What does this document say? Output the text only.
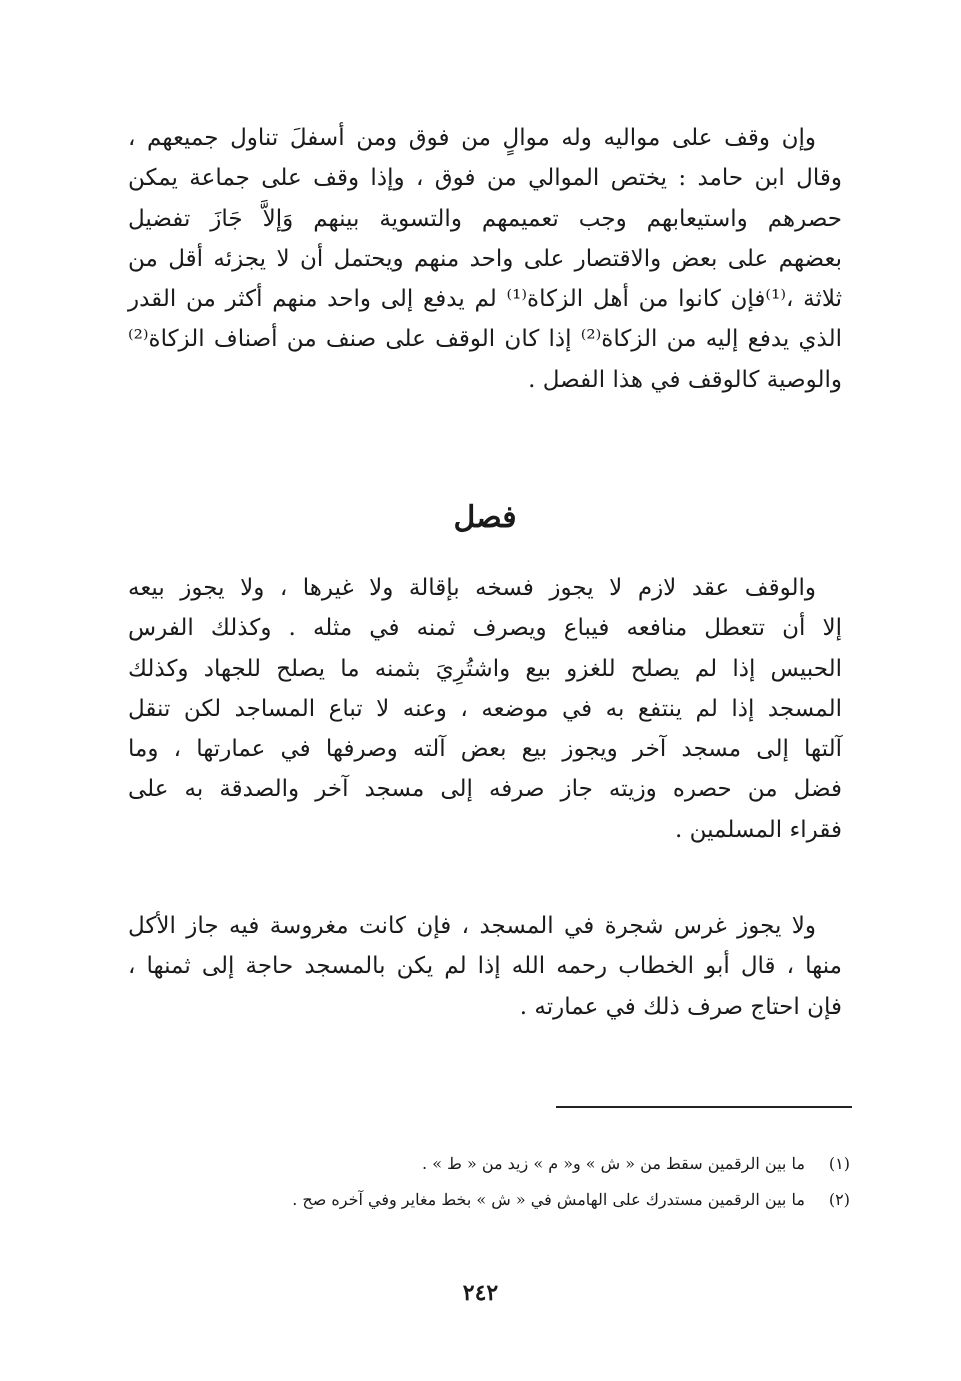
وإن وقف على مواليه وله موالٍ من فوق ومن أسفلَ تناول جميعهم ،
وقال ابن حامد : يختص الموالي من فوق ، وإذا وقف على جماعة يمكن
حصرهم واستيعابهم وجب تعميمهم والتسوية بينهم وَإلاَّ جَازَ تفضيل
بعضهم على بعض والاقتصار على واحد منهم ويحتمل أن لا يجزئه أقل من
ثلاثة ،⁽¹⁾فإن كانوا من أهل الزكاة⁽¹⁾ لم يدفع إلى واحد منهم أكثر من القدر
الذي يدفع إليه من الزكاة⁽²⁾ إذا كان الوقف على صنف من أصناف الزكاة⁽²⁾
والوصية كالوقف في هذا الفصل .
والوقف عقد لازم لا يجوز فسخه بإقالة ولا غيرها ، ولا يجوز بيعه
إلا أن تتعطل منافعه فيباع ويصرف ثمنه في مثله . وكذلك الفرس
الحبيس إذا لم يصلح للغزو بيع واشتُرِيَ بثمنه ما يصلح للجهاد وكذلك
المسجد إذا لم ينتفع به في موضعه ، وعنه لا تباع المساجد لكن تنقل
آلتها إلى مسجد آخر ويجوز بيع بعض آلته وصرفها في عمارتها ، وما
فضل من حصره وزيته جاز صرفه إلى مسجد آخر والصدقة به على
فقراء المسلمين .
ولا يجوز غرس شجرة في المسجد ، فإن كانت مغروسة فيه جاز الأكل
منها ، قال أبو الخطاب رحمه الله إذا لم يكن بالمسجد حاجة إلى ثمنها ،
فإن احتاج صرف ذلك في عمارته .
فصل
(١) ما بين الرقمين سقط من « ش » و« م » زيد من « ط » .
(٢) ما بين الرقمين مستدرك على الهامش في « ش » بخط مغاير وفي آخره صح .
٢٤٢
